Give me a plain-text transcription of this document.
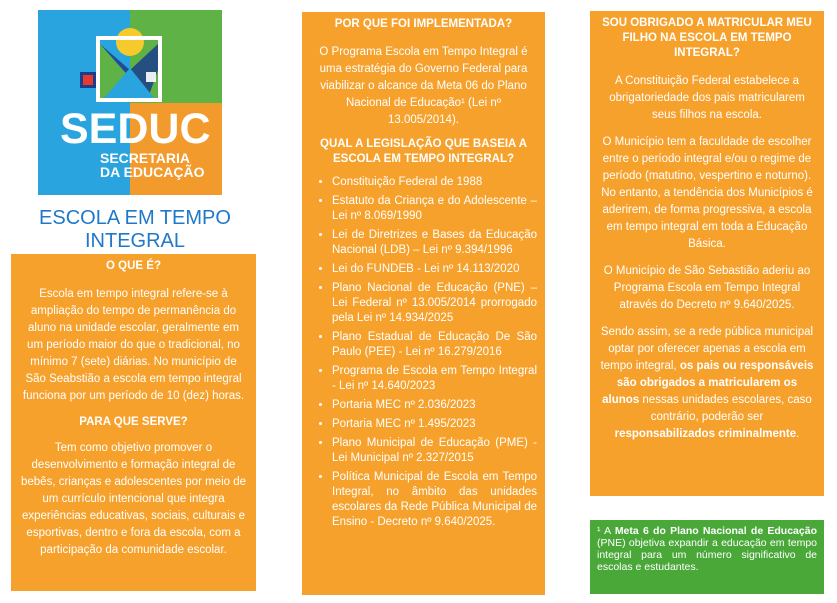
SEDUC
SECRETARIA
DA EDUCAÇÃO
ESCOLA EM TEMPO
INTEGRAL
O QUE É?

Escola em tempo integral refere-se à ampliação do tempo de permanência do aluno na unidade escolar, geralmente em um período maior do que o tradicional, no mínimo 7 (sete) diárias. No município de São Seabstião a escola em tempo integral funciona por um período de 10 (dez) horas.

PARA QUE SERVE?

Tem como objetivo promover o desenvolvimento e formação integral de bebês, crianças e adolescentes por meio de um currículo intencional que integra experiências educativas, sociais, culturais e esportivas, dentro e fora da escola, com a participação da comunidade escolar.

POR QUE FOI IMPLEMENTADA?

O Programa Escola em Tempo Integral é uma estratégia do Governo Federal para viabilizar o alcance da Meta 06 do Plano Nacional de Educação¹ (Lei nº 13.005/2014).

QUAL A LEGISLAÇÃO QUE BASEIA A ESCOLA EM TEMPO INTEGRAL?
• Constituição Federal de 1988
• Estatuto da Criança e do Adolescente – Lei nº 8.069/1990
• Lei de Diretrizes e Bases da Educação Nacional (LDB) – Lei nº 9.394/1996
• Lei do FUNDEB - Lei nº 14.113/2020
• Plano Nacional de Educação (PNE) – Lei Federal nº 13.005/2014 prorrogado pela Lei nº 14.934/2025
• Plano Estadual de Educação De São Paulo (PEE) - Lei nº 16.279/2016
• Programa de Escola em Tempo Integral - Lei nº 14.640/2023
• Portaria MEC nº 2.036/2023
• Portaria MEC nº 1.495/2023
• Plano Municipal de Educação (PME) - Lei Municipal nº 2.327/2015
• Política Municipal de Escola em Tempo Integral, no âmbito das unidades escolares da Rede Pública Municipal de Ensino - Decreto nº 9.640/2025.
SOU OBRIGADO A MATRICULAR MEU FILHO NA ESCOLA EM TEMPO INTEGRAL?

A Constituição Federal estabelece a obrigatoriedade dos pais matricularem seus filhos na escola.

O Município tem a faculdade de escolher entre o período integral e/ou o regime de período (matutino, vespertino e noturno). No entanto, a tendência dos Municípios é aderirem, de forma progressiva, a escola em tempo integral em toda a Educação Básica.

O Município de São Sebastião aderiu ao Programa Escola em Tempo Integral através do Decreto nº 9.640/2025.

Sendo assim, se a rede pública municipal optar por oferecer apenas a escola em tempo integral, os pais ou responsáveis são obrigados a matricularem os alunos nessas unidades escolares, caso contrário, poderão ser responsabilizados criminalmente.

¹ A Meta 6 do Plano Nacional de Educação (PNE) objetiva expandir a educação em tempo integral para um número significativo de escolas e estudantes.
